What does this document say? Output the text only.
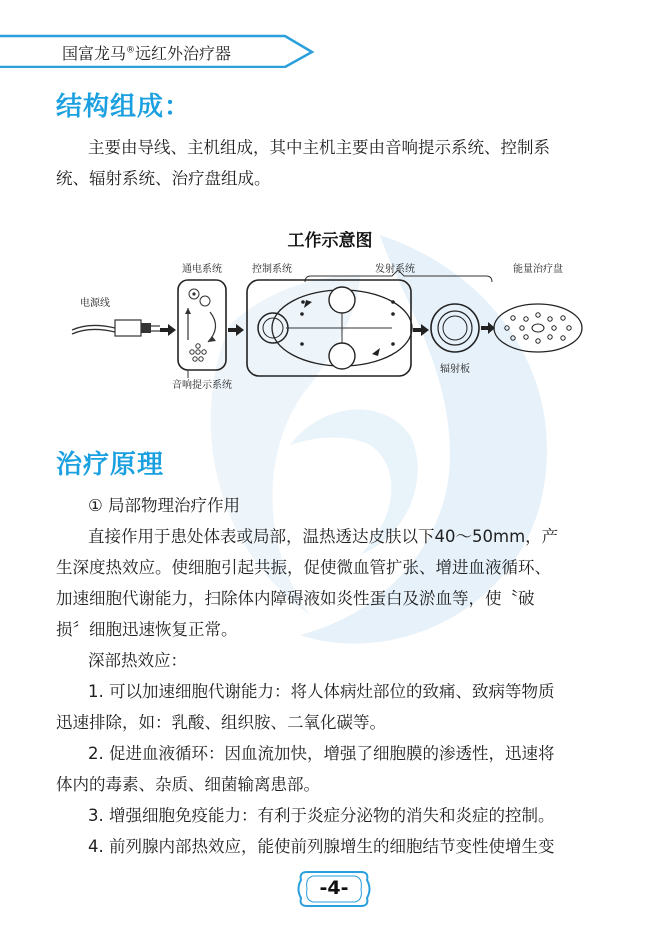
国富龙马®远红外治疗器
结构组成：
主要由导线、主机组成，其中主机主要由音响提示系统、控制系
统、辐射系统、治疗盘组成。
工作示意图
通电系统	控制系统	发射系统	能量治疗盘
电源线
音响提示系统
辐射板
治疗原理
① 局部物理治疗作用
直接作用于患处体表或局部，温热透达皮肤以下40～50mm，产
生深度热效应。使细胞引起共振，促使微血管扩张、增进血液循环、
加速细胞代谢能力，扫除体内障碍液如炎性蛋白及淤血等，使〝破
损〞细胞迅速恢复正常。
深部热效应：
1. 可以加速细胞代谢能力：将人体病灶部位的致痛、致病等物质
迅速排除，如：乳酸、组织胺、二氧化碳等。
2. 促进血液循环：因血流加快，增强了细胞膜的渗透性，迅速将
体内的毒素、杂质、细菌输离患部。
3. 增强细胞免疫能力：有利于炎症分泌物的消失和炎症的控制。
4. 前列腺内部热效应，能使前列腺增生的细胞结节变性使增生变
-4-
